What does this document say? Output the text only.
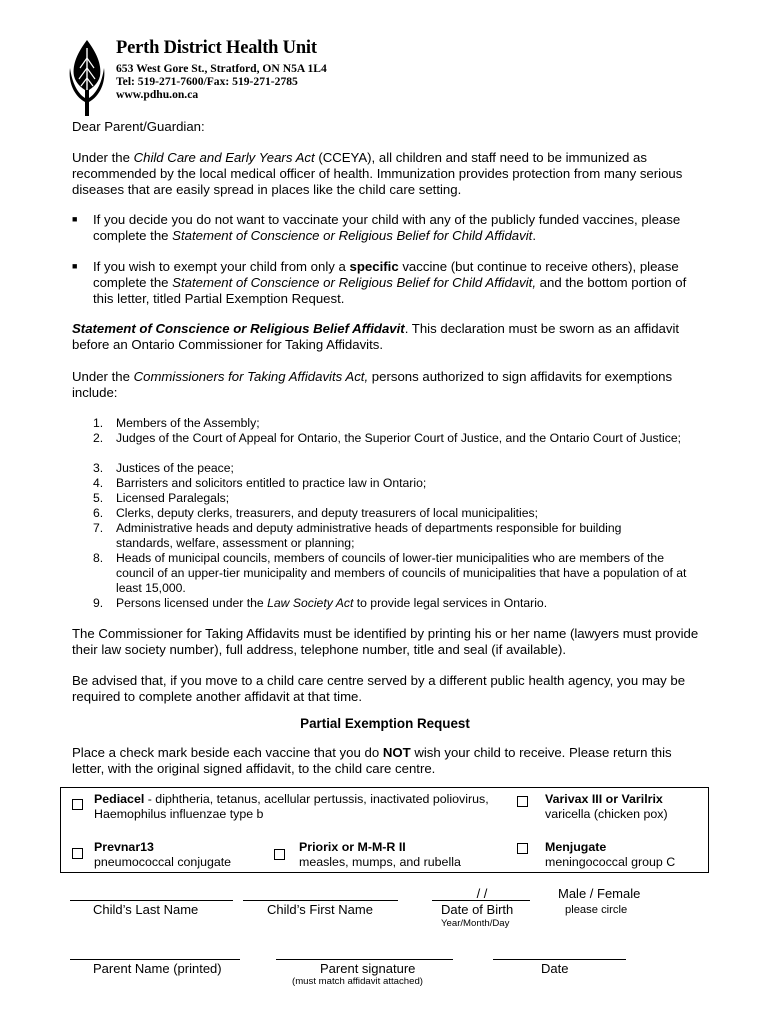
Perth District Health Unit
653 West Gore St., Stratford, ON N5A 1L4
Tel: 519-271-7600/Fax: 519-271-2785
www.pdhu.on.ca
Dear Parent/Guardian:
Under the Child Care and Early Years Act (CCEYA), all children and staff need to be immunized as recommended by the local medical officer of health. Immunization provides protection from many serious diseases that are easily spread in places like the child care setting.
■ If you decide you do not want to vaccinate your child with any of the publicly funded vaccines, please complete the Statement of Conscience or Religious Belief for Child Affidavit.
■ If you wish to exempt your child from only a specific vaccine (but continue to receive others), please complete the Statement of Conscience or Religious Belief for Child Affidavit, and the bottom portion of this letter, titled Partial Exemption Request.
Statement of Conscience or Religious Belief Affidavit. This declaration must be sworn as an affidavit before an Ontario Commissioner for Taking Affidavits.
Under the Commissioners for Taking Affidavits Act, persons authorized to sign affidavits for exemptions include:
1. Members of the Assembly;
2. Judges of the Court of Appeal for Ontario, the Superior Court of Justice, and the Ontario Court of Justice;
3. Justices of the peace;
4. Barristers and solicitors entitled to practice law in Ontario;
5. Licensed Paralegals;
6. Clerks, deputy clerks, treasurers, and deputy treasurers of local municipalities;
7. Administrative heads and deputy administrative heads of departments responsible for building standards, welfare, assessment or planning;
8. Heads of municipal councils, members of councils of lower-tier municipalities who are members of the council of an upper-tier municipality and members of councils of municipalities that have a population of at least 15,000.
9. Persons licensed under the Law Society Act to provide legal services in Ontario.
The Commissioner for Taking Affidavits must be identified by printing his or her name (lawyers must provide their law society number), full address, telephone number, title and seal (if available).
Be advised that, if you move to a child care centre served by a different public health agency, you may be required to complete another affidavit at that time.
Partial Exemption Request
Place a check mark beside each vaccine that you do NOT wish your child to receive. Please return this letter, with the original signed affidavit, to the child care centre.
Pediacel - diphtheria, tetanus, acellular pertussis, inactivated poliovirus, Haemophilus influenzae type b
Varivax III or Varilrix
varicella (chicken pox)
Prevnar13
pneumococcal conjugate
Priorix or M-M-R II
measles, mumps, and rubella
Menjugate
meningococcal group C
Child’s Last Name	Child’s First Name
/ /
Date of Birth
Year/Month/Day
Male / Female
please circle
Parent Name (printed)	Parent signature
(must match affidavit attached)
Date
